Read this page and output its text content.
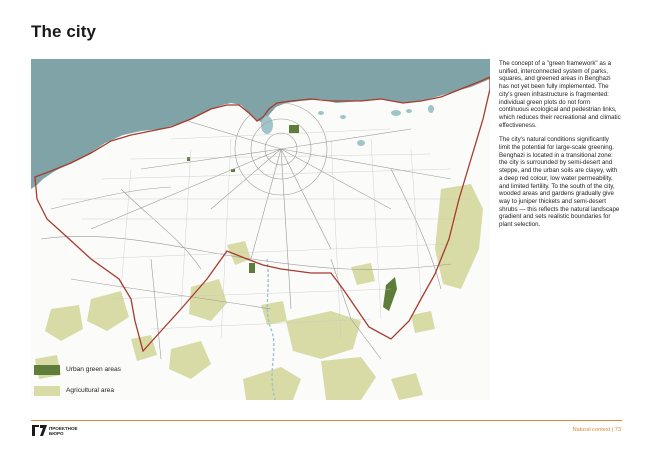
The city

The concept of a "green framework" as a unified, interconnected system of parks, squares, and greened areas in Benghazi has not yet been fully implemented. The city's green infrastructure is fragmented: individual green plots do not form continuous ecological and pedestrian links, which reduces their recreational and climatic effectiveness.

The city's natural conditions significantly limit the potential for large-scale greening. Benghazi is located in a transitional zone: the city is surrounded by semi-desert and steppe, and the urban soils are clayey, with a deep red colour, low water permeability, and limited fertility. To the south of the city, wooded areas and gardens gradually give way to juniper thickets and semi-desert shrubs — this reflects the natural landscape gradient and sets realistic boundaries for plant selection.

Urban green areas
Agricultural area
ПРОЕКТНОЕ
БЮРО	Natural context | 73
